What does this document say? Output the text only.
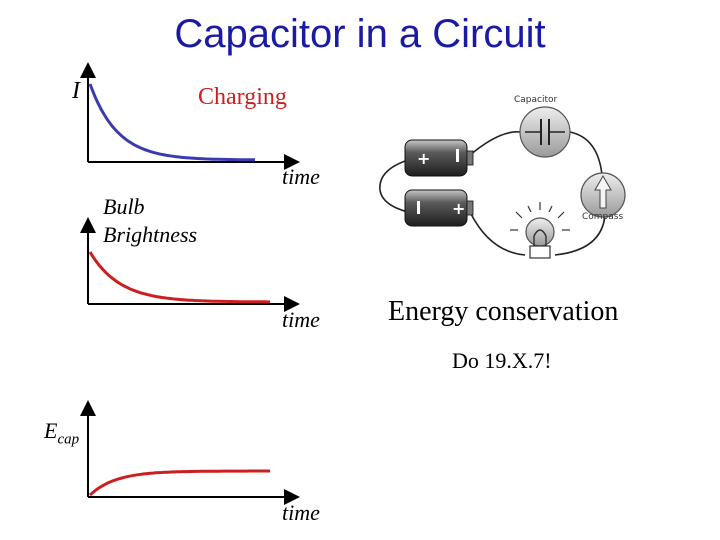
Capacitor in a Circuit
I	Charging
time
Bulb
Brightness
time
$E_{cap}$
time
Energy conservation
Do 19.X.7!
+
+
Capacitor
Compass
